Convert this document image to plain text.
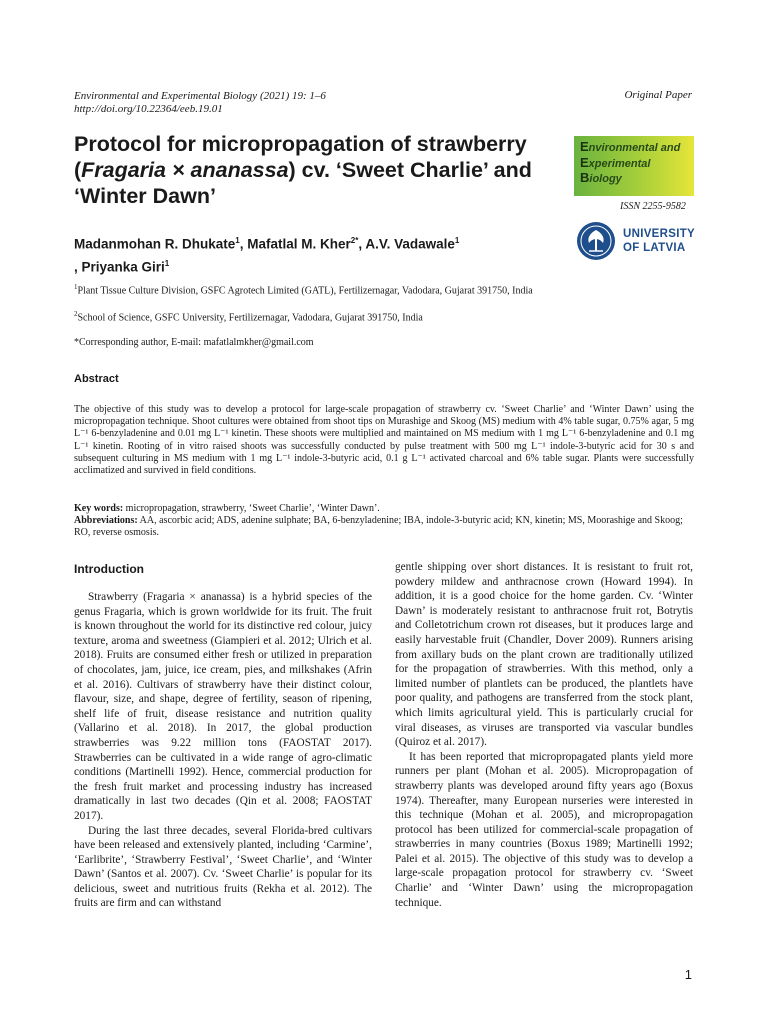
Environmental and Experimental Biology (2021) 19: 1–6
http://doi.org/10.22364/eeb.19.01
Original Paper
Environmental and
Experimental
Biology
ISSN 2255-9582
UNIVERSITY
OF LATVIA
Protocol for micropropagation of strawberry (Fragaria × ananassa) cv. ‘Sweet Charlie’ and ‘Winter Dawn’
Madanmohan R. Dhukate$^1$, Mafatlal M. Kher$^{2*}$, A.V. Vadawale$^1$
, Priyanka Giri$^1$
$^1$Plant Tissue Culture Division, GSFC Agrotech Limited (GATL), Fertilizernagar, Vadodara, Gujarat 391750, India
$^2$School of Science, GSFC University, Fertilizernagar, Vadodara, Gujarat 391750, India
*Corresponding author, E-mail: mafatlalmkher@gmail.com
Abstract
The objective of this study was to develop a protocol for large-scale propagation of strawberry cv. ‘Sweet Charlie’ and ‘Winter Dawn’ using the micropropagation technique. Shoot cultures were obtained from shoot tips on Murashige and Skoog (MS) medium with 4% table sugar, 0.75% agar, 5 mg L⁻¹ 6-benzyladenine and 0.01 mg L⁻¹ kinetin. These shoots were multiplied and maintained on MS medium with 1 mg L⁻¹ 6-benzyladenine and 0.1 mg L⁻¹ kinetin. Rooting of in vitro raised shoots was successfully conducted by pulse treatment with 500 mg L⁻¹ indole-3-butyric acid for 30 s and subsequent culturing in MS medium with 1 mg L⁻¹ indole-3-butyric acid, 0.1 g L⁻¹ activated charcoal and 6% table sugar. Plants were successfully acclimatized and survived in field conditions.
Key words: micropropagation, strawberry, ‘Sweet Charlie’, ‘Winter Dawn’.
Abbreviations: AA, ascorbic acid; ADS, adenine sulphate; BA, 6-benzyladenine; IBA, indole-3-butyric acid; KN, kinetin; MS, Moorashige and Skoog; RO, reverse osmosis.
Introduction

Strawberry (Fragaria × ananassa) is a hybrid species of the genus Fragaria, which is grown worldwide for its fruit. The fruit is known throughout the world for its distinctive red colour, juicy texture, aroma and sweetness (Giampieri et al. 2012; Ulrich et al. 2018). Fruits are consumed either fresh or utilized in preparation of chocolates, jam, juice, ice cream, pies, and milkshakes (Afrin et al. 2016). Cultivars of strawberry have their distinct colour, flavour, size, and shape, degree of fertility, season of ripening, shelf life of fruit, disease resistance and nutrition quality (Vallarino et al. 2018). In 2017, the global production strawberries was 9.22 million tons (FAOSTAT 2017). Strawberries can be cultivated in a wide range of agro-climatic conditions (Martinelli 1992). Hence, commercial production for the fresh fruit market and processing industry has increased dramatically in last two decades (Qin et al. 2008; FAOSTAT 2017).

During the last three decades, several Florida-bred cultivars have been released and extensively planted, including ‘Carmine’, ‘Earlibrite’, ‘Strawberry Festival’, ‘Sweet Charlie’, and ‘Winter Dawn’ (Santos et al. 2007). Cv. ‘Sweet Charlie’ is popular for its delicious, sweet and nutritious fruits (Rekha et al. 2012). The fruits are firm and can withstand

gentle shipping over short distances. It is resistant to fruit rot, powdery mildew and anthracnose crown (Howard 1994). In addition, it is a good choice for the home garden. Cv. ‘Winter Dawn’ is moderately resistant to anthracnose fruit rot, Botrytis and Colletotrichum crown rot diseases, but it produces large and easily harvestable fruit (Chandler, Dover 2009). Runners arising from axillary buds on the plant crown are traditionally utilized for the propagation of strawberries. With this method, only a limited number of plantlets can be produced, the plantlets have poor quality, and pathogens are transferred from the stock plant, which limits agricultural yield. This is particularly crucial for viral diseases, as viruses are transported via vascular bundles (Quiroz et al. 2017).

It has been reported that micropropagated plants yield more runners per plant (Mohan et al. 2005). Micropropagation of strawberry plants was developed around fifty years ago (Boxus 1974). Thereafter, many European nurseries were interested in this technique (Mohan et al. 2005), and micropropagation protocol has been utilized for commercial-scale propagation of strawberries in many countries (Boxus 1989; Martinelli 1992; Palei et al. 2015). The objective of this study was to develop a large-scale propagation protocol for strawberry cv. ‘Sweet Charlie’ and ‘Winter Dawn’ using the micropropagation technique.

1
